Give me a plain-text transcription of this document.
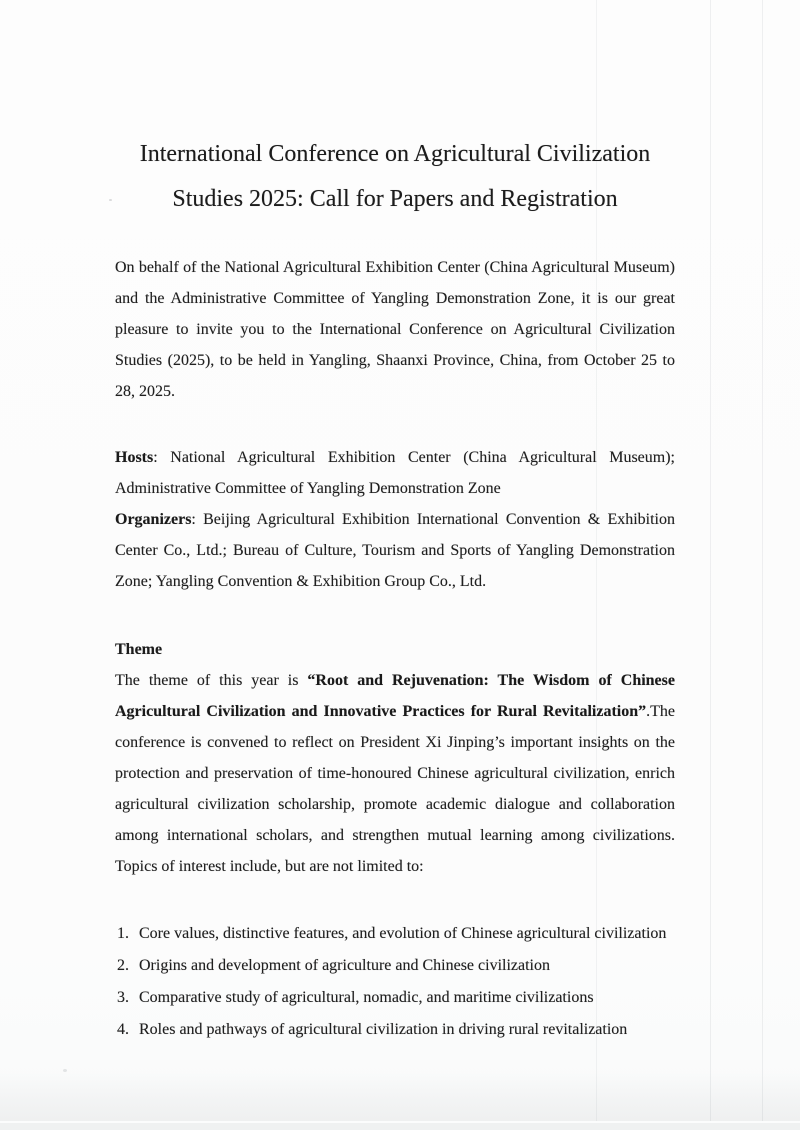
International Conference on Agricultural Civilization
Studies 2025: Call for Papers and Registration

On behalf of the National Agricultural Exhibition Center (China Agricultural Museum) and the Administrative Committee of Yangling Demonstration Zone, it is our great pleasure to invite you to the International Conference on Agricultural Civilization Studies (2025), to be held in Yangling, Shaanxi Province, China, from October 25 to 28, 2025.

Hosts: National Agricultural Exhibition Center (China Agricultural Museum); Administrative Committee of Yangling Demonstration Zone

Organizers: Beijing Agricultural Exhibition International Convention & Exhibition Center Co., Ltd.; Bureau of Culture, Tourism and Sports of Yangling Demonstration Zone; Yangling Convention & Exhibition Group Co., Ltd.

Theme

The theme of this year is “Root and Rejuvenation: The Wisdom of Chinese Agricultural Civilization and Innovative Practices for Rural Revitalization”.The conference is convened to reflect on President Xi Jinping’s important insights on the protection and preservation of time-honoured Chinese agricultural civilization, enrich agricultural civilization scholarship, promote academic dialogue and collaboration among international scholars, and strengthen mutual learning among civilizations. Topics of interest include, but are not limited to:

1. Core values, distinctive features, and evolution of Chinese agricultural civilization

2. Origins and development of agriculture and Chinese civilization

3. Comparative study of agricultural, nomadic, and maritime civilizations

4. Roles and pathways of agricultural civilization in driving rural revitalization
